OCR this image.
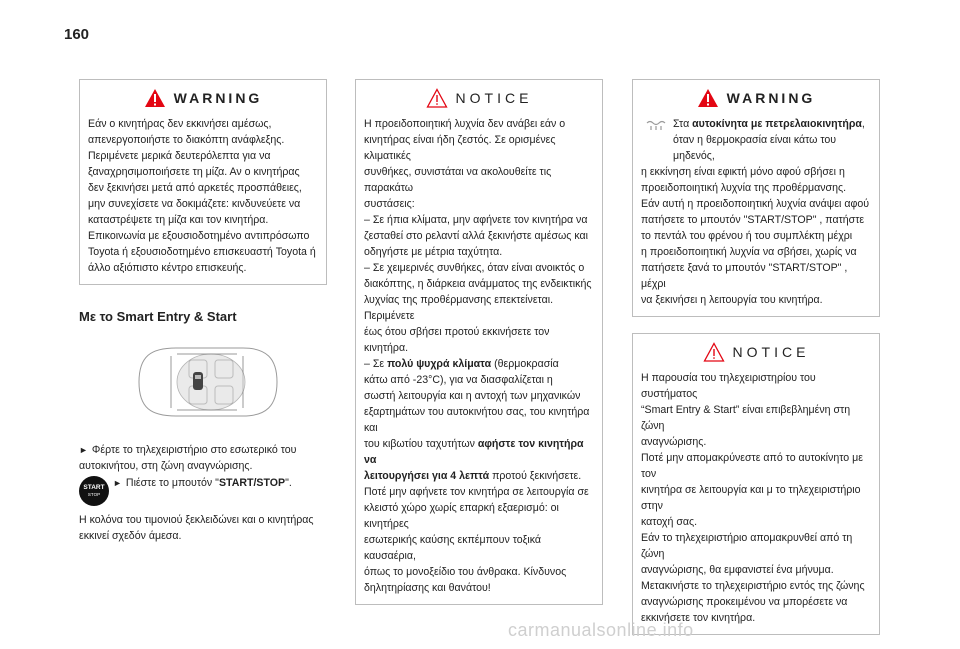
160
WARNING

Εάν ο κινητήρας δεν εκκινήσει αμέσως,

απενεργοποιήστε το διακόπτη ανάφλεξης.

Περιμένετε μερικά δευτερόλεπτα για να

ξαναχρησιμοποιήσετε τη μίζα. Αν ο κινητήρας

δεν ξεκινήσει μετά από αρκετές προσπάθειες,

μην συνεχίσετε να δοκιμάζετε: κινδυνεύετε να

καταστρέψετε τη μίζα και τον κινητήρα.

Επικοινωνία με εξουσιοδοτημένο αντιπρόσωπο

Toyota ή εξουσιοδοτημένο επισκευαστή Toyota ή

άλλο αξιόπιστο κέντρο επισκευής.

Με το Smart Entry & Start

► Φέρτε το τηλεχειριστήριο στο εσωτερικό του
αυτοκινήτου, στη ζώνη αναγνώρισης.

START
STOP

► Πιέστε το μπουτόν "START/STOP".

Η κολόνα του τιμονιού ξεκλειδώνει και ο κινητήρας
εκκινεί σχεδόν άμεσα.

NOTICE

Η προειδοποιητική λυχνία δεν ανάβει εάν ο

κινητήρας είναι ήδη ζεστός. Σε ορισμένες κλιματικές

συνθήκες, συνιστάται να ακολουθείτε τις παρακάτω

συστάσεις:

– Σε ήπια κλίματα, μην αφήνετε τον κινητήρα να

ζεσταθεί στο ρελαντί αλλά ξεκινήστε αμέσως και

οδηγήστε με μέτρια ταχύτητα.

– Σε χειμερινές συνθήκες, όταν είναι ανοικτός ο

διακόπτης, η διάρκεια ανάμματος της ενδεικτικής

λυχνίας της προθέρμανσης επεκτείνεται. Περιμένετε

έως ότου σβήσει προτού εκκινήσετε τον κινητήρα.

– Σε πολύ ψυχρά κλίματα (θερμοκρασία

κάτω από -23°C), για να διασφαλίζεται η

σωστή λειτουργία και η αντοχή των μηχανικών

εξαρτημάτων του αυτοκινήτου σας, του κινητήρα και

του κιβωτίου ταχυτήτων αφήστε τον κινητήρα να

λειτουργήσει για 4 λεπτά προτού ξεκινήσετε.

Ποτέ μην αφήνετε τον κινητήρα σε λειτουργία σε

κλειστό χώρο χωρίς επαρκή εξαερισμό: οι κινητήρες

εσωτερικής καύσης εκπέμπουν τοξικά καυσαέρια,

όπως το μονοξείδιο του άνθρακα. Κίνδυνος

δηλητηρίασης και θανάτου!

WARNING

Στα αυτοκίνητα με πετρελαιοκινητήρα,

όταν η θερμοκρασία είναι κάτω του μηδενός,

η εκκίνηση είναι εφικτή μόνο αφού σβήσει η

προειδοποιητική λυχνία της προθέρμανσης.

Εάν αυτή η προειδοποιητική λυχνία ανάψει αφού

πατήσετε το μπουτόν "START/STOP" , πατήστε

το πεντάλ του φρένου ή του συμπλέκτη μέχρι

η προειδοποιητική λυχνία να σβήσει, χωρίς να

πατήσετε ξανά το μπουτόν "START/STOP" , μέχρι

να ξεκινήσει η λειτουργία του κινητήρα.

NOTICE

Η παρουσία του τηλεχειριστηρίου του συστήματος

“Smart Entry & Start” είναι επιβεβλημένη στη ζώνη

αναγνώρισης.

Ποτέ μην απομακρύνεστε από το αυτοκίνητο με τον

κινητήρα σε λειτουργία και μ το τηλεχειριστήριο στην

κατοχή σας.

Εάν το τηλεχειριστήριο απομακρυνθεί από τη ζώνη

αναγνώρισης, θα εμφανιστεί ένα μήνυμα.

Μετακινήστε το τηλεχειριστήριο εντός της ζώνης

αναγνώρισης προκειμένου να μπορέσετε να

εκκινήσετε τον κινητήρα.

carmanualsonline.info
